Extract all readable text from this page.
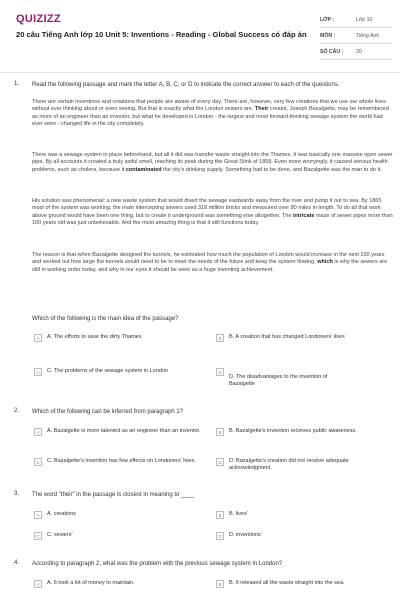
QUIZIZZ
20 câu Tiếng Anh lớp 10 Unit 5: Inventions - Reading - Global Success có đáp án
LỚP :	Lớp 10
MÔN :	Tiếng Anh
SỐ CÂU :	20
1. Read the following passage and mark the letter A, B, C, or D to indicate the correct answer to each of the questions.
There are certain inventions and creations that people are aware of every day. There are, however, very few creations that we use our whole lives without ever thinking about or even seeing. But that is exactly what the London sewers are. Their creator, Joseph Bazalgette, may be remembered as more of an engineer than an inventor, but what he developed in London - the largest and most forward-thinking sewage system the world had ever seen - changed life in the city completely.
There was a sewage system in place beforehand, but all it did was transfer waste straight into the Thames. It was basically one massive open sewer pipe. By all accounts it created a truly awful smell, reaching its peak during the Great Stink of 1858. Even more worryingly, it caused serious health problems, such as cholera, because it contaminated the city's drinking supply. Something had to be done, and Bazalgette was the man to do it.
His solution was phenomenal: a new waste system that would divert the sewage eastwards away from the river and pump it out to sea. By 1865 most of the system was working, the main intercepting sewers used 318 million bricks and measured over 80 miles in length. To do all that work above ground would have been one thing, but to create it underground was something else altogether. The intricate maze of sewer pipes more than 100 years old was just unbelievable. And the most amazing thing is that it still functions today.
The reason is that when Bazalgette designed the tunnels, he estimated how much the population of London would increase in the next 100 years and worked out how large the tunnels would need to be to meet the needs of the future and keep the system flowing, which is why the sewers are still in working order today, and why in our eyes it should be seen as a huge inventing achievement.
Which of the following is the main idea of the passage?
A	A. The efforts to save the dirty Thames	B	B. A creation that has changed Londoners' lives
C	C. The problems of the sewage system in London	D
D. The disadvantages to the invention of Bazalgette
2. Which of the following can be inferred from paragraph 1?
A	A. Bazalgette is more talented as an engineer than an inventor.	B	B. Bazalgette's invention receives public awareness.
C	C. Bazalgette's invention has few effects on Londoners' lives.	D	D. Bazalgette's creation did not receive adequate acknowledgment.
3. The word "their" in the passage is closest in meaning to ____
A	A. creations	B	B. lives'
C	C. sewers'	D	D. inventions'
4. According to paragraph 2, what was the problem with the previous sewage system in London?
A	A. It took a lot of money to maintain.	B	B. It released all the waste straight into the sea.
